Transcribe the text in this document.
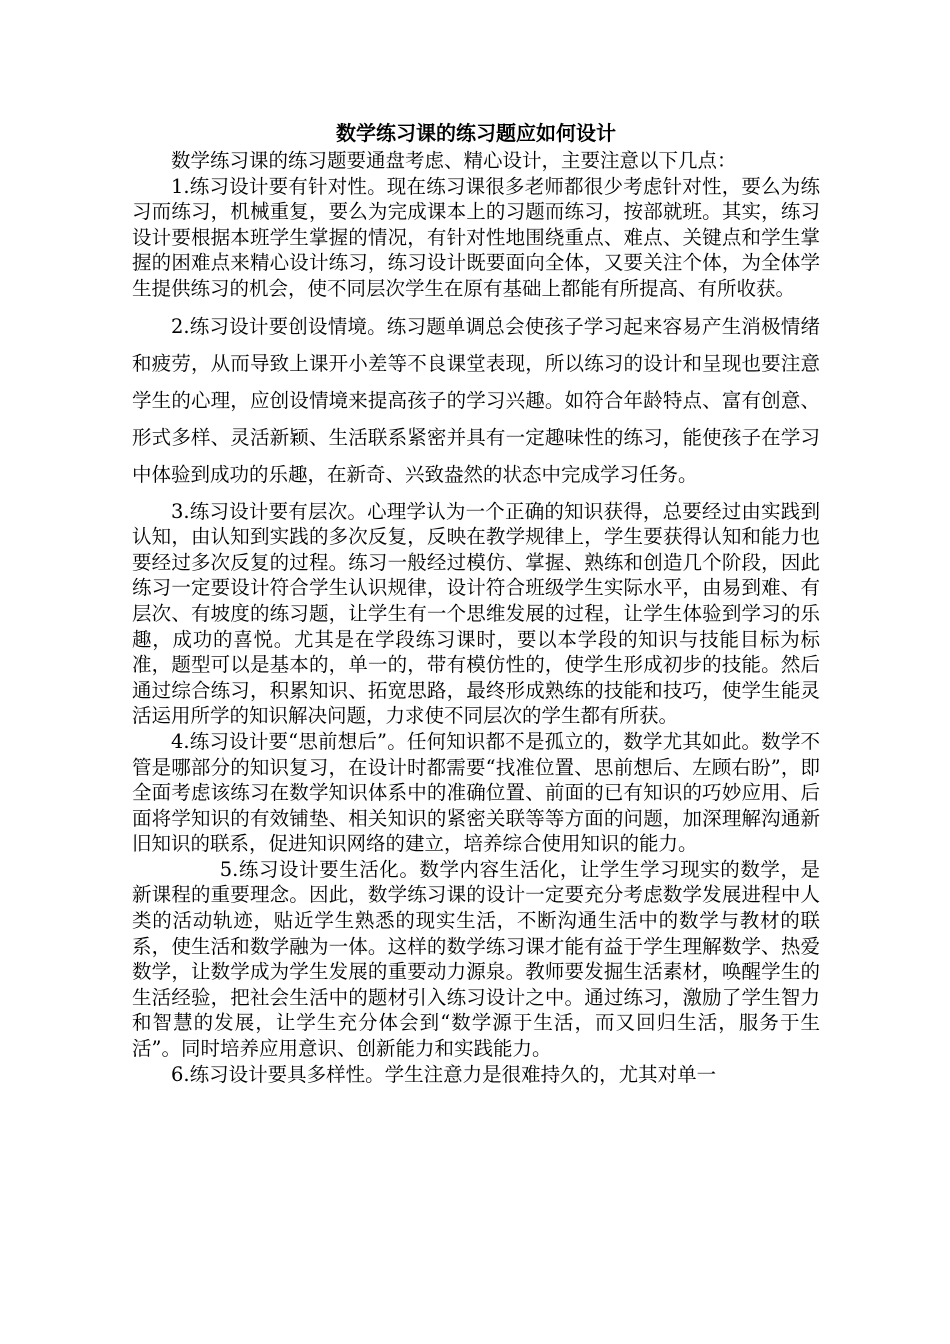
数学练习课的练习题应如何设计

数学练习课的练习题要通盘考虑、精心设计，主要注意以下几点：

1.练习设计要有针对性。现在练习课很多老师都很少考虑针对性，要么为练习而练习，机械重复，要么为完成课本上的习题而练习，按部就班。其实，练习设计要根据本班学生掌握的情况，有针对性地围绕重点、难点、关键点和学生掌握的困难点来精心设计练习，练习设计既要面向全体，又要关注个体，为全体学生提供练习的机会，使不同层次学生在原有基础上都能有所提高、有所收获。

2.练习设计要创设情境。练习题单调总会使孩子学习起来容易产生消极情绪和疲劳，从而导致上课开小差等不良课堂表现，所以练习的设计和呈现也要注意学生的心理，应创设情境来提高孩子的学习兴趣。如符合年龄特点、富有创意、形式多样、灵活新颖、生活联系紧密并具有一定趣味性的练习，能使孩子在学习中体验到成功的乐趣，在新奇、兴致盎然的状态中完成学习任务。

3.练习设计要有层次。心理学认为一个正确的知识获得，总要经过由实践到认知，由认知到实践的多次反复，反映在教学规律上，学生要获得认知和能力也要经过多次反复的过程。练习一般经过模仿、掌握、熟练和创造几个阶段，因此练习一定要设计符合学生认识规律，设计符合班级学生实际水平，由易到难、有层次、有坡度的练习题，让学生有一个思维发展的过程，让学生体验到学习的乐趣，成功的喜悦。尤其是在学段练习课时，要以本学段的知识与技能目标为标准，题型可以是基本的，单一的，带有模仿性的，使学生形成初步的技能。然后通过综合练习，积累知识、拓宽思路，最终形成熟练的技能和技巧，使学生能灵活运用所学的知识解决问题，力求使不同层次的学生都有所获。

4.练习设计要“思前想后”。任何知识都不是孤立的，数学尤其如此。数学不管是哪部分的知识复习，在设计时都需要“找准位置、思前想后、左顾右盼”，即全面考虑该练习在数学知识体系中的准确位置、前面的已有知识的巧妙应用、后面将学知识的有效铺垫、相关知识的紧密关联等等方面的问题，加深理解沟通新旧知识的联系，促进知识网络的建立，培养综合使用知识的能力。

5.练习设计要生活化。数学内容生活化，让学生学习现实的数学，是新课程的重要理念。因此，数学练习课的设计一定要充分考虑数学发展进程中人类的活动轨迹，贴近学生熟悉的现实生活，不断沟通生活中的数学与教材的联系，使生活和数学融为一体。这样的数学练习课才能有益于学生理解数学、热爱数学，让数学成为学生发展的重要动力源泉。教师要发掘生活素材，唤醒学生的生活经验，把社会生活中的题材引入练习设计之中。通过练习，激励了学生智力和智慧的发展，让学生充分体会到“数学源于生活，而又回归生活，服务于生活”。同时培养应用意识、创新能力和实践能力。

6.练习设计要具多样性。学生注意力是很难持久的，尤其对单一
